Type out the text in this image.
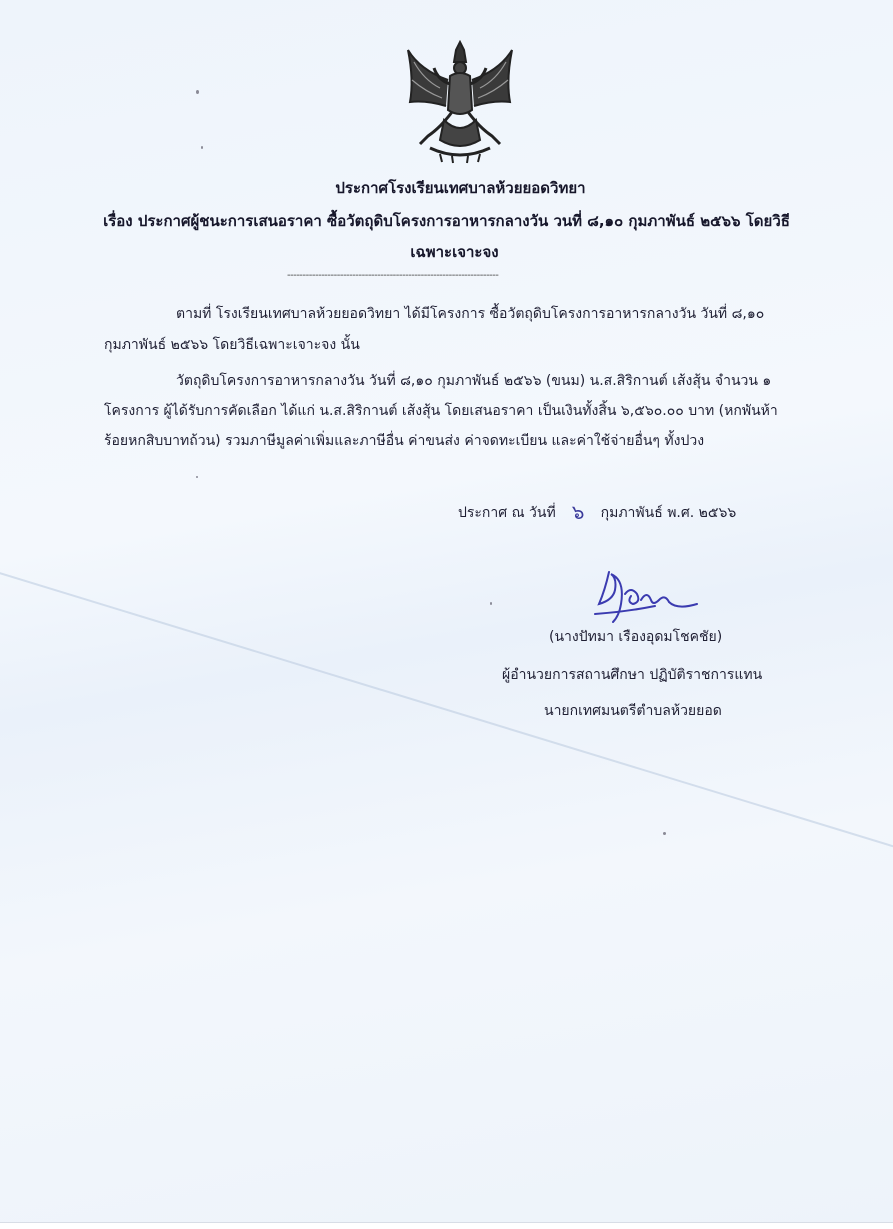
ประกาศโรงเรียนเทศบาลห้วยยอดวิทยา
เรื่อง ประกาศผู้ชนะการเสนอราคา ซื้อวัตถุดิบโครงการอาหารกลางวัน วนที่ ๘,๑๐ กุมภาพันธ์ ๒๕๖๖ โดยวิธี
เฉพาะเจาะจง
--------------------------------------------------------------------
ตามที่ โรงเรียนเทศบาลห้วยยอดวิทยา ได้มีโครงการ ซื้อวัตถุดิบโครงการอาหารกลางวัน วันที่ ๘,๑๐
กุมภาพันธ์ ๒๕๖๖ โดยวิธีเฉพาะเจาะจง นั้น
วัตถุดิบโครงการอาหารกลางวัน วันที่ ๘,๑๐ กุมภาพันธ์ ๒๕๖๖ (ขนม) น.ส.สิริกานต์ เส้งสุ้น จำนวน ๑
โครงการ ผู้ได้รับการคัดเลือก ได้แก่ น.ส.สิริกานต์ เส้งสุ้น โดยเสนอราคา เป็นเงินทั้งสิ้น ๖,๕๖๐.๐๐ บาท (หกพันห้า
ร้อยหกสิบบาทถ้วน) รวมภาษีมูลค่าเพิ่มและภาษีอื่น ค่าขนส่ง ค่าจดทะเบียน และค่าใช้จ่ายอื่นๆ ทั้งปวง
ประกาศ ณ วันที่ ๖ กุมภาพันธ์ พ.ศ. ๒๕๖๖
(นางปัทมา เรืองอุดมโชคชัย)
ผู้อำนวยการสถานศึกษา ปฏิบัติราชการแทน
นายกเทศมนตรีตำบลห้วยยอด
